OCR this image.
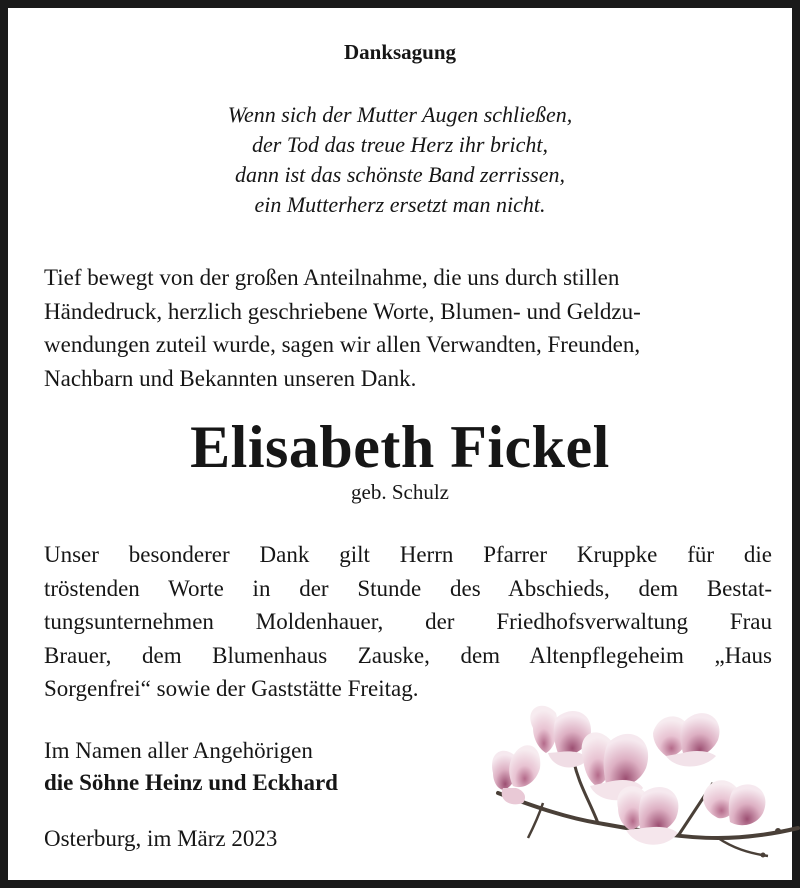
Danksagung
Wenn sich der Mutter Augen schließen,
der Tod das treue Herz ihr bricht,
dann ist das schönste Band zerrissen,
ein Mutterherz ersetzt man nicht.
Tief bewegt von der großen Anteilnahme, die uns durch stillen
Händedruck, herzlich geschriebene Worte, Blumen- und Geldzu-
wendungen zuteil wurde, sagen wir allen Verwandten, Freunden,
Nachbarn und Bekannten unseren Dank.
Elisabeth Fickel
geb. Schulz
Unser besonderer Dank gilt Herrn Pfarrer Kruppke für die
tröstenden Worte in der Stunde des Abschieds, dem Bestat-
tungsunternehmen Moldenhauer, der Friedhofsverwaltung Frau
Brauer, dem Blumenhaus Zauske, dem Altenpflegeheim „Haus
Sorgenfrei“ sowie der Gaststätte Freitag.
Im Namen aller Angehörigen
die Söhne Heinz und Eckhard
Osterburg, im März 2023
